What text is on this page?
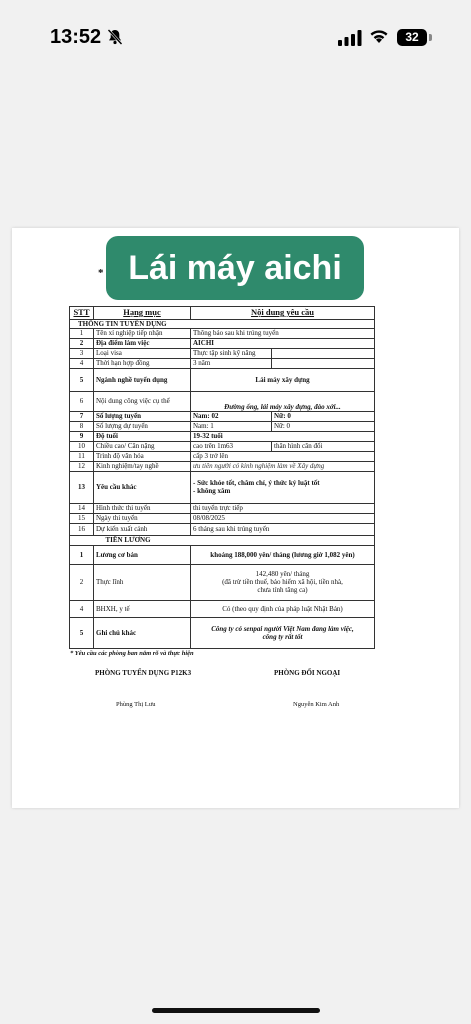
13:52	32
* Lái máy aichi
STT	Hạng mục	Nội dung yêu cầu	
THÔNG TIN TUYỂN DỤNG			
1	Tên xí nghiệp tiếp nhận	Thông báo sau khi trúng tuyển	
2	Địa điểm làm việc	AICHI	
3	Loại visa	Thực tập sinh kỹ năng	
4	Thời hạn hợp đồng	3 năm	
5	Ngành nghề tuyển dụng	Lái máy xây dựng	
6	Nội dung công việc cụ thể	Đường ống, lái máy xây dựng, đào xới...	
7	Số lượng tuyển	Nam: 02	Nữ: 0
8	Số lượng dự tuyển	Nam: 1	Nữ: 0
9	Độ tuổi	19-32 tuổi	
10	Chiều cao/ Cân nặng	cao trên 1m63	thân hình cân đối
11	Trình độ văn hóa	cấp 3 trở lên	
12	Kinh nghiệm/tay nghề	ưu tiên người có kinh nghiệm làm về Xây dựng	
13	Yêu cầu khác	- Sức khỏe tốt, chăm chỉ, ý thức kỷ luật tốt
- không xăm	

14	Hình thức thi tuyển	thi tuyển trực tiếp	
15	Ngày thi tuyển	08/08/2025	
16	Dự kiến xuất cảnh	6 tháng sau khi trúng tuyển	
	TIỀN LƯƠNG		
1	Lương cơ bản	khoảng 188,000 yên/ tháng (lương giờ 1,082 yên)	
2	Thực lĩnh	142,480 yên/ tháng
(đã trừ tiền thuế, bảo hiểm xã hội, tiền nhà,
chưa tính tăng ca)	

4	BHXH, y tế	Có (theo quy định của pháp luật Nhật Bản)	
5	Ghi chú khác	Công ty có senpai người Việt Nam đang làm việc,
công ty rất tốt	
* Yêu cầu các phòng ban nắm rõ và thực hiện
PHÒNG TUYỂN DỤNG P12K3	PHÒNG ĐỐI NGOẠI
Phùng Thị Lưu	Nguyễn Kim Anh
